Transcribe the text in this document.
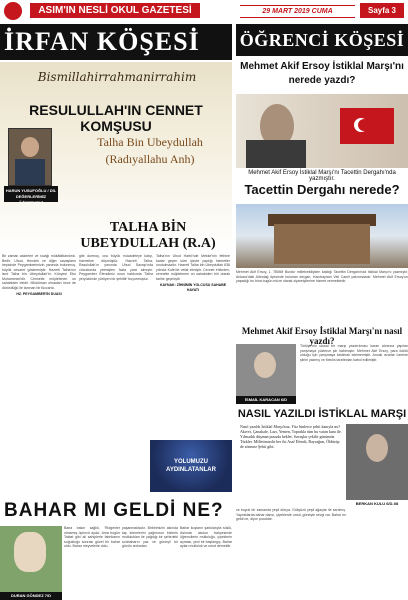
ASIM'IN NESLİ OKUL GAZETESİ	29 MART 2019 CUMA	Sayfa 3
İRFAN KÖŞESİ
Bismillahirrahmanirrahim
RESULULLAH'IN CENNET KOMŞUSU
HARUN YUSUFOĞLU / DİL DEĞERLERİMİZ ÖĞRETMENİ
Talha Bin Ubeydullah (Radıyallahu Anh)
TALHA BİN UBEYDULLAH (R.A)
Bir zaman askerleri ve sıcağı mükâfatlandırdı. Bedir, Uhud, Hendek ve diğer savaşların hepsinde Peygamberimizin yanında bulunmuş, büyük cesaret göstermiştir. Hazreti Talha'nın ismi Talha bin Ubeydullah'tır. Künyesi Ebu Muhammed'dir. Cennetle müjdelenen on sahabiden biridir. Müslüman olmadan önce de dürüstlüğü ile tanınan bir tüccardı.
HZ. PEYGAMBER'İN DUASI
gibi durmuş, onu büyük mücadeleye katıp, hizmetine düşmüştür. Hazreti Talha, Rasulullah'ın yanında Uhud Savaşı'nda vücudunda yetmişten fazla yara almıştır. Peygamber Efendimiz onun hakkında 'Talha yeryüzünde yürüyen bir şehittir' buyurmuştur.
Talha'nın Uhud Harbi'nde Mekke'nin fethine kadar geçen süre içinde yaptığı hizmetler unutulmazdır. Hazreti Talha bin Ubeydullah 636 yılında Kufe'de vefat etmiştir. Cennet ehlinden, cennetle müjdelenen on sahabiden biri olarak tarihe geçmiştir.
KAYNAK: ZİHNİMİN YOLCUSU SAHABE HAYATI
YOLUMUZU AYDINLATANLAR
ÖĞRENCİ KÖŞESİ
Mehmet Akif Ersoy İstiklal Marşı'nı nerede yazdı?
Mehmet Akif Ersoy İstiklal Marşı'nı Tacettin Dergahı'nda yazmıştır.
Tacettin Dergahı nerede?
Mehmet Akif Ersoy, 1. TBMM Burdur milletvekiliyken kaldığı Tacettin Dergahı'nda İstiklal Marşı'nı yazmıştır. Ankara'daki Altındağ ilçesinde bulunan dergah, Hacıbayram Veli Camii yakınındadır. Mehmet Akif Ersoy'un yaşadığı bu bina bugün müze olarak ziyaretçilerine hizmet vermektedir.
Mehmet Akif Ersoy İstiklal Marşı'nı nasıl yazdı?
İSMAİL KARACAN 6/D
Türkiye'nin ulusal bir marşı yazdırılması kararı alınınca yapılan yarışmaya yüzlerce şiir katılmıştır. Mehmet Akif Ersoy, para ödülü olduğu için yarışmaya katılmak istememiştir. Ancak ısrarlar üzerine şiirini yazmış ve Meclis tarafından kabul edilmiştir.
NASIL YAZILDI İSTİKLAL MARŞI
Nasıl yazıldı İstiklal Marşı'mız, Yüz binlerce şehit kanıyla mı? Akıvet, Çanakale, Lazı, Yemen, Toprakla tüm bu vatan kanı ile. Yılmadık düşman pusuda bekler, Savaşlar çekilir günümüz Türkler. Milletimizdir her iki Asaf Efendi, Bayrağım, Öldürüp de sönmez Şehit gibi.
BERKAN KULU 6/D-08
BAHAR MI GELDİ NE?
DURAN GÖNDEZ 7/D
Bana bakın sağlık, 'Ridgenler olmamış üçüncü ayda'. Ama bugün Tabiat gibi ali sahiplerle fabrikanın soğukluğu sonrası güzel bir bahar oldu. Bahar meyvelerle dolu.
yaşanmaktadır. Birbirimizin aslında taş kümelerini yağmurun bizlerin mutlulukları ile yağdığı bir şehirdeki sonbaharın yaz ve güneşli bir günün ardından.
Bahar kuşların şarkılarıyla süslü, Aslında okulun bahçesinde öğrencilerin mutluluğu, çiçeklerin açması, yeni bir başlangıç. Bahar ayları mutluluk ve umut demektir.
ve buyuk bir zamanda yeşil dünya. Gökyüzü yeşil ağaçlar ile sarılmış. Yapraklarda bahar dansı, çiçeklerde umut, güneşte sevgi var. Bahar mı geldi ne, diyor çocuklar.
